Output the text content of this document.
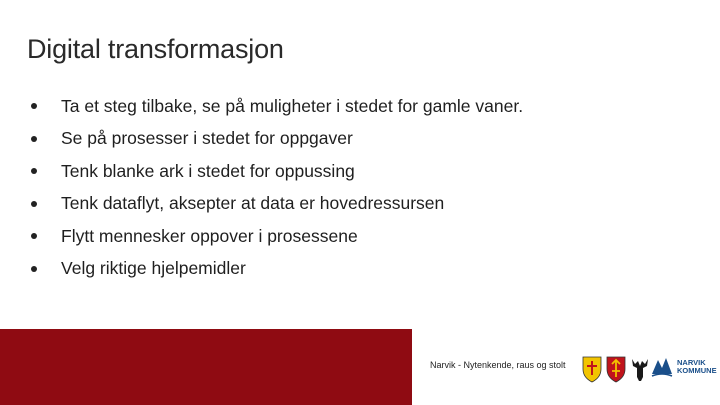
Digital transformasjon
Ta et steg tilbake, se på muligheter i stedet for gamle vaner.
Se på prosesser i stedet for oppgaver
Tenk blanke ark i stedet for oppussing
Tenk dataflyt, aksepter at data er hovedressursen
Flytt mennesker oppover i prosessene
Velg riktige hjelpemidler
Narvik - Nytenkende, raus og stolt	NARVIK
KOMMUNE
